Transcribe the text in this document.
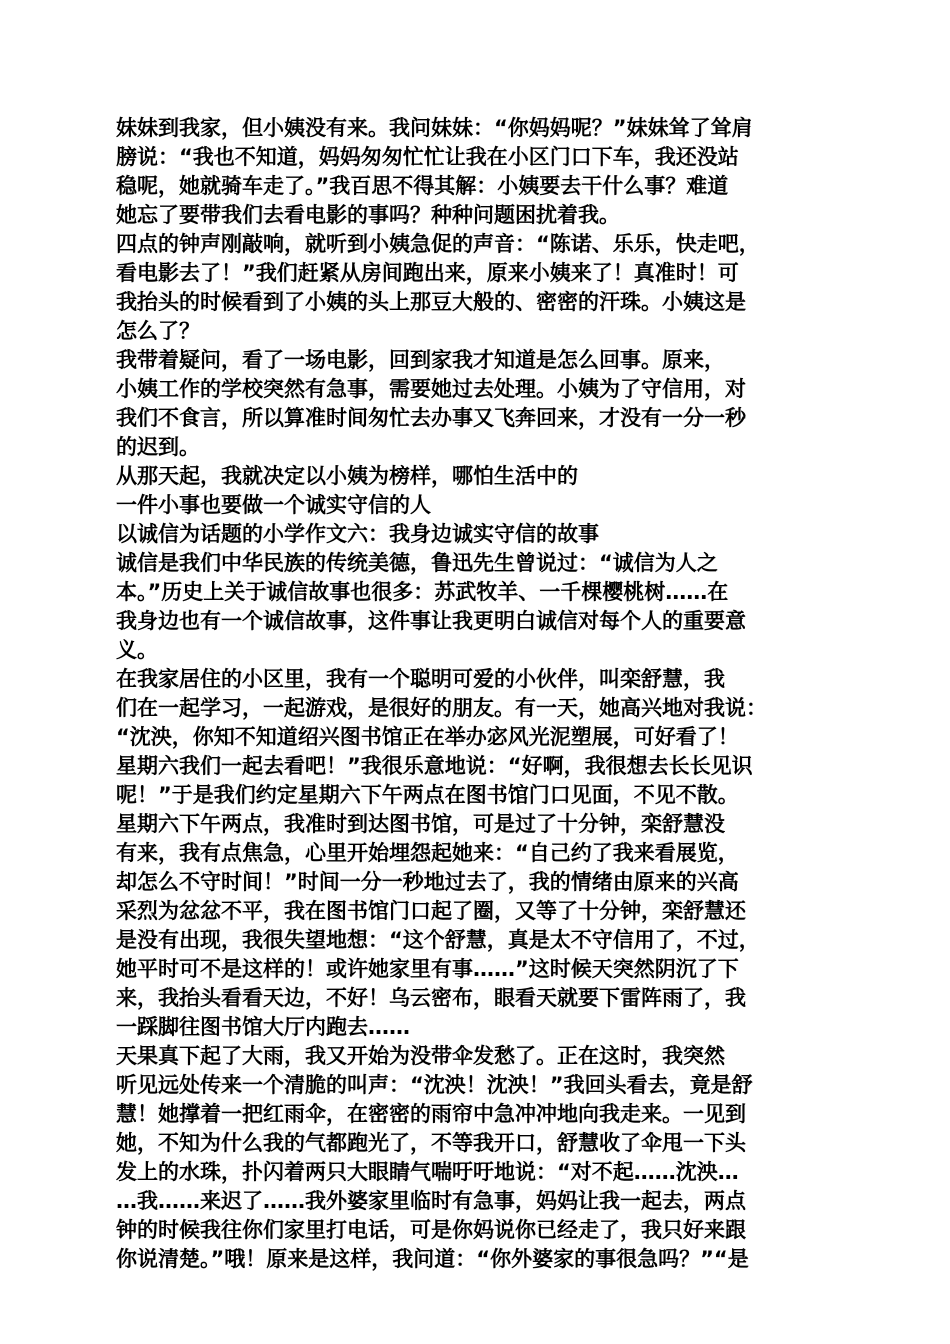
妹妹到我家，但小姨没有来。我问妹妹：“你妈妈呢？”妹妹耸了耸肩
膀说：“我也不知道，妈妈匆匆忙忙让我在小区门口下车，我还没站
稳呢，她就骑车走了。”我百思不得其解：小姨要去干什么事？难道
她忘了要带我们去看电影的事吗？种种问题困扰着我。
四点的钟声刚敲响，就听到小姨急促的声音：“陈诺、乐乐，快走吧，
看电影去了！”我们赶紧从房间跑出来，原来小姨来了！真准时！可
我抬头的时候看到了小姨的头上那豆大般的、密密的汗珠。小姨这是
怎么了？
我带着疑问，看了一场电影，回到家我才知道是怎么回事。原来，
小姨工作的学校突然有急事，需要她过去处理。小姨为了守信用，对
我们不食言，所以算准时间匆忙去办事又飞奔回来，才没有一分一秒
的迟到。
从那天起，我就决定以小姨为榜样，哪怕生活中的
一件小事也要做一个诚实守信的人
以诚信为话题的小学作文六：我身边诚实守信的故事
诚信是我们中华民族的传统美德，鲁迅先生曾说过：“诚信为人之
本。”历史上关于诚信故事也很多：苏武牧羊、一千棵樱桃树……在
我身边也有一个诚信故事，这件事让我更明白诚信对每个人的重要意
义。
在我家居住的小区里，我有一个聪明可爱的小伙伴，叫栾舒慧，我
们在一起学习，一起游戏，是很好的朋友。有一天，她高兴地对我说：
“沈泱，你知不知道绍兴图书馆正在举办宓风光泥塑展，可好看了！
星期六我们一起去看吧！”我很乐意地说：“好啊，我很想去长长见识
呢！”于是我们约定星期六下午两点在图书馆门口见面，不见不散。
星期六下午两点，我准时到达图书馆，可是过了十分钟，栾舒慧没
有来，我有点焦急，心里开始埋怨起她来：“自己约了我来看展览，
却怎么不守时间！”时间一分一秒地过去了，我的情绪由原来的兴高
采烈为忿忿不平，我在图书馆门口起了圈，又等了十分钟，栾舒慧还
是没有出现，我很失望地想：“这个舒慧，真是太不守信用了，不过，
她平时可不是这样的！或许她家里有事……”这时候天突然阴沉了下
来，我抬头看看天边，不好！乌云密布，眼看天就要下雷阵雨了，我
一踩脚往图书馆大厅内跑去……
天果真下起了大雨，我又开始为没带伞发愁了。正在这时，我突然
听见远处传来一个清脆的叫声：“沈泱！沈泱！”我回头看去，竟是舒
慧！她撑着一把红雨伞，在密密的雨帘中急冲冲地向我走来。一见到
她，不知为什么我的气都跑光了，不等我开口，舒慧收了伞甩一下头
发上的水珠，扑闪着两只大眼睛气喘吁吁地说：“对不起……沈泱…
…我……来迟了……我外婆家里临时有急事，妈妈让我一起去，两点
钟的时候我往你们家里打电话，可是你妈说你已经走了，我只好来跟
你说清楚。”哦！原来是这样，我问道：“你外婆家的事很急吗？”“是
